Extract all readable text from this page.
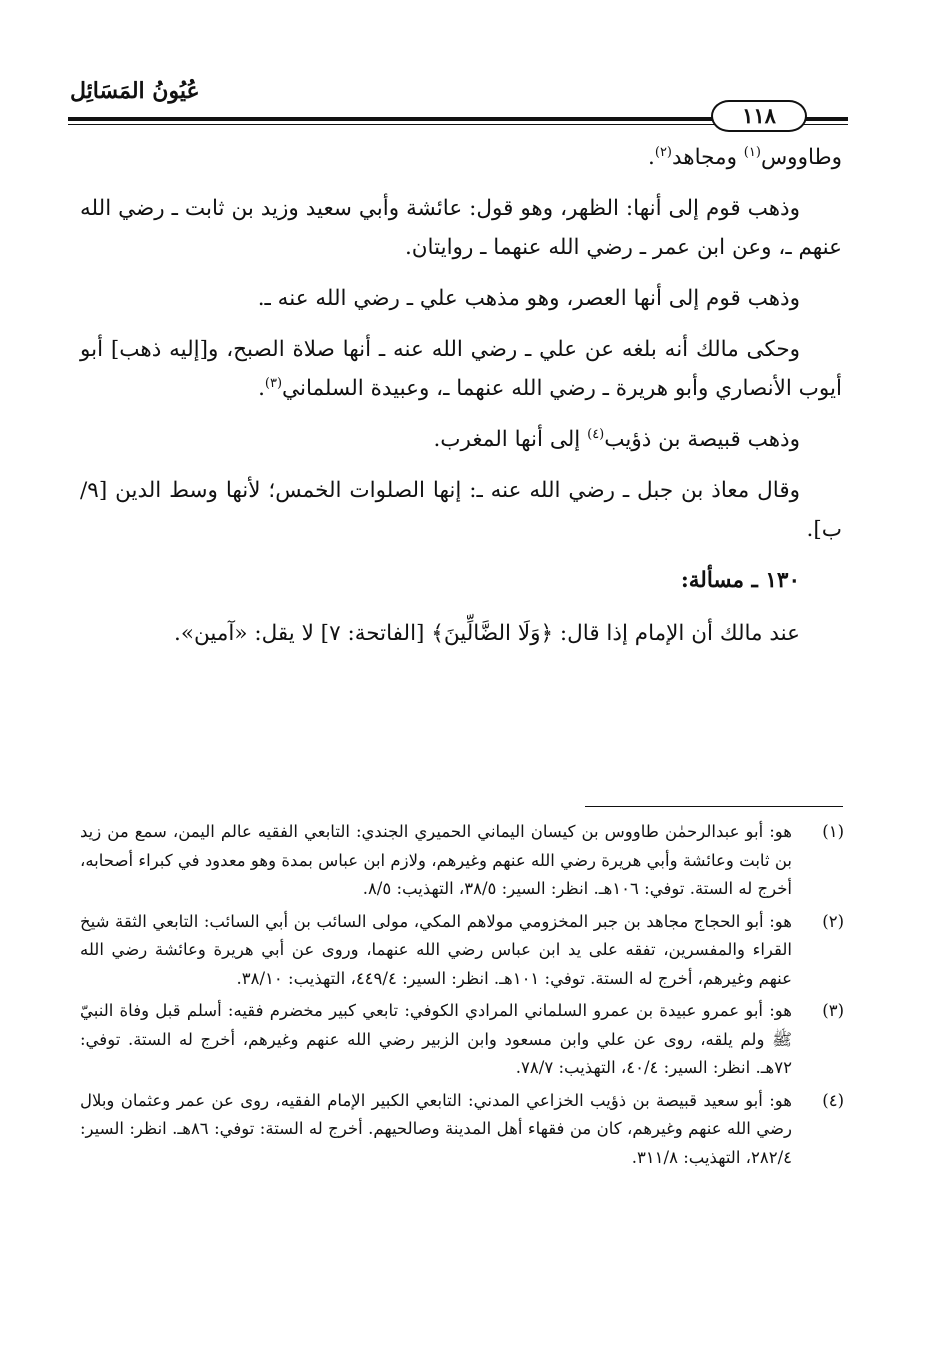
عُيُونُ المَسَائِل
١١٨

وطاووس$^{(١)}$ ومجاهد$^{(٢)}$.

وذهب قوم إلى أنها: الظهر، وهو قول: عائشة وأبي سعيد وزيد بن ثابت ـ رضي الله عنهم ـ، وعن ابن عمر ـ رضي الله عنهما ـ روايتان.

وذهب قوم إلى أنها العصر، وهو مذهب علي ـ رضي الله عنه ـ.

وحكى مالك أنه بلغه عن علي ـ رضي الله عنه ـ أنها صلاة الصبح، و[إليه ذهب] أبو أيوب الأنصاري وأبو هريرة ـ رضي الله عنهما ـ، وعبيدة السلماني$^{(٣)}$.

وذهب قبيصة بن ذؤيب$^{(٤)}$ إلى أنها المغرب.

وقال معاذ بن جبل ـ رضي الله عنه ـ: إنها الصلوات الخمس؛ لأنها وسط الدين [٩/ب].

١٣٠ ـ مسألة:

عند مالك أن الإمام إذا قال: ﴿وَلَا الضَّالِّينَ﴾ [الفاتحة: ٧] لا يقل: «آمين».

(١)
هو: أبو عبدالرحمٰن طاووس بن كيسان اليماني الحميري الجندي: التابعي الفقيه عالم اليمن، سمع من زيد بن ثابت وعائشة وأبي هريرة رضي الله عنهم وغيرهم، ولازم ابن عباس بمدة وهو معدود في كبراء أصحابه، أخرج له الستة. توفي: ١٠٦هـ. انظر: السير: ٣٨/٥، التهذيب: ٨/٥.
(٢)
هو: أبو الحجاج مجاهد بن جبر المخزومي مولاهم المكي، مولى السائب بن أبي السائب: التابعي الثقة شيخ القراء والمفسرين، تفقه على يد ابن عباس رضي الله عنهما، وروى عن أبي هريرة وعائشة رضي الله عنهم وغيرهم، أخرج له الستة. توفي: ١٠١هـ. انظر: السير: ٤٤٩/٤، التهذيب: ٣٨/١٠.
(٣)
هو: أبو عمرو عبيدة بن عمرو السلماني المرادي الكوفي: تابعي كبير مخضرم فقيه: أسلم قبل وفاة النبيّ ﷺ ولم يلقه، روى عن علي وابن مسعود وابن الزبير رضي الله عنهم وغيرهم، أخرج له الستة. توفي: ٧٢هـ. انظر: السير: ٤٠/٤، التهذيب: ٧٨/٧.
(٤)
هو: أبو سعيد قبيصة بن ذؤيب الخزاعي المدني: التابعي الكبير الإمام الفقيه، روى عن عمر وعثمان وبلال رضي الله عنهم وغيرهم، كان من فقهاء أهل المدينة وصالحيهم. أخرج له الستة: توفي: ٨٦هـ. انظر: السير: ٢٨٢/٤، التهذيب: ٣١١/٨.
